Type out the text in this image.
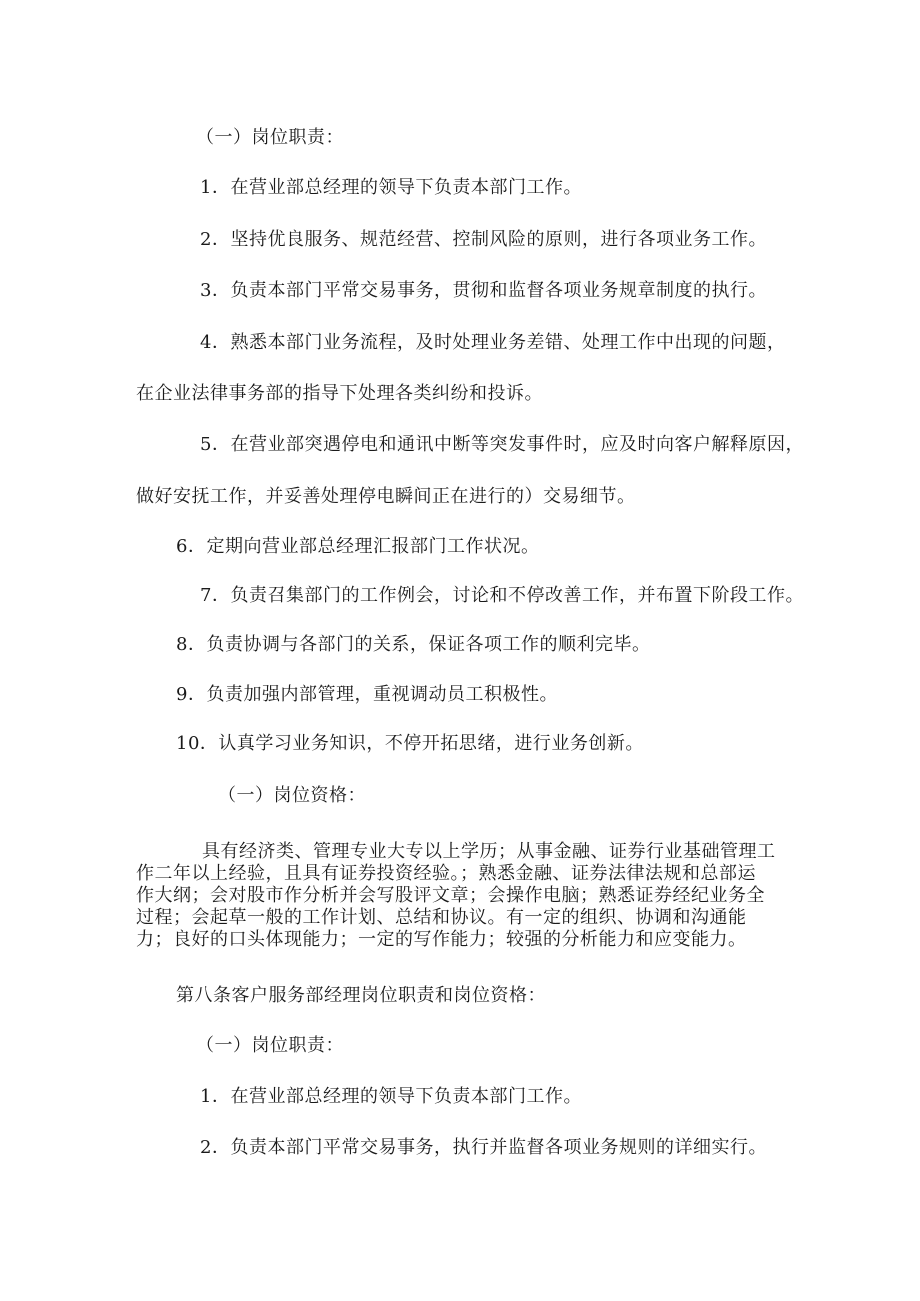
（一）岗位职责：
1．在营业部总经理的领导下负责本部门工作。
2．坚持优良服务、规范经营、控制风险的原则，进行各项业务工作。
3．负责本部门平常交易事务，贯彻和监督各项业务规章制度的执行。
4．熟悉本部门业务流程，及时处理业务差错、处理工作中出现的问题，
在企业法律事务部的指导下处理各类纠纷和投诉。
5．在营业部突遇停电和通讯中断等突发事件时，应及时向客户解释原因，
做好安抚工作，并妥善处理停电瞬间正在进行的）交易细节。
6．定期向营业部总经理汇报部门工作状况。
7．负责召集部门的工作例会，讨论和不停改善工作，并布置下阶段工作。
8．负责协调与各部门的关系，保证各项工作的顺利完毕。
9．负责加强内部管理，重视调动员工积极性。
10．认真学习业务知识，不停开拓思绪，进行业务创新。
（一）岗位资格：
具有经济类、管理专业大专以上学历；从事金融、证券行业基础管理工
作二年以上经验，且具有证券投资经验。；熟悉金融、证券法律法规和总部运
作大纲；会对股市作分析并会写股评文章；会操作电脑；熟悉证券经纪业务全
过程；会起草一般的工作计划、总结和协议。有一定的组织、协调和沟通能
力；良好的口头体现能力；一定的写作能力；较强的分析能力和应变能力。
第八条客户服务部经理岗位职责和岗位资格：
（一）岗位职责：
1．在营业部总经理的领导下负责本部门工作。
2．负责本部门平常交易事务，执行并监督各项业务规则的详细实行。
